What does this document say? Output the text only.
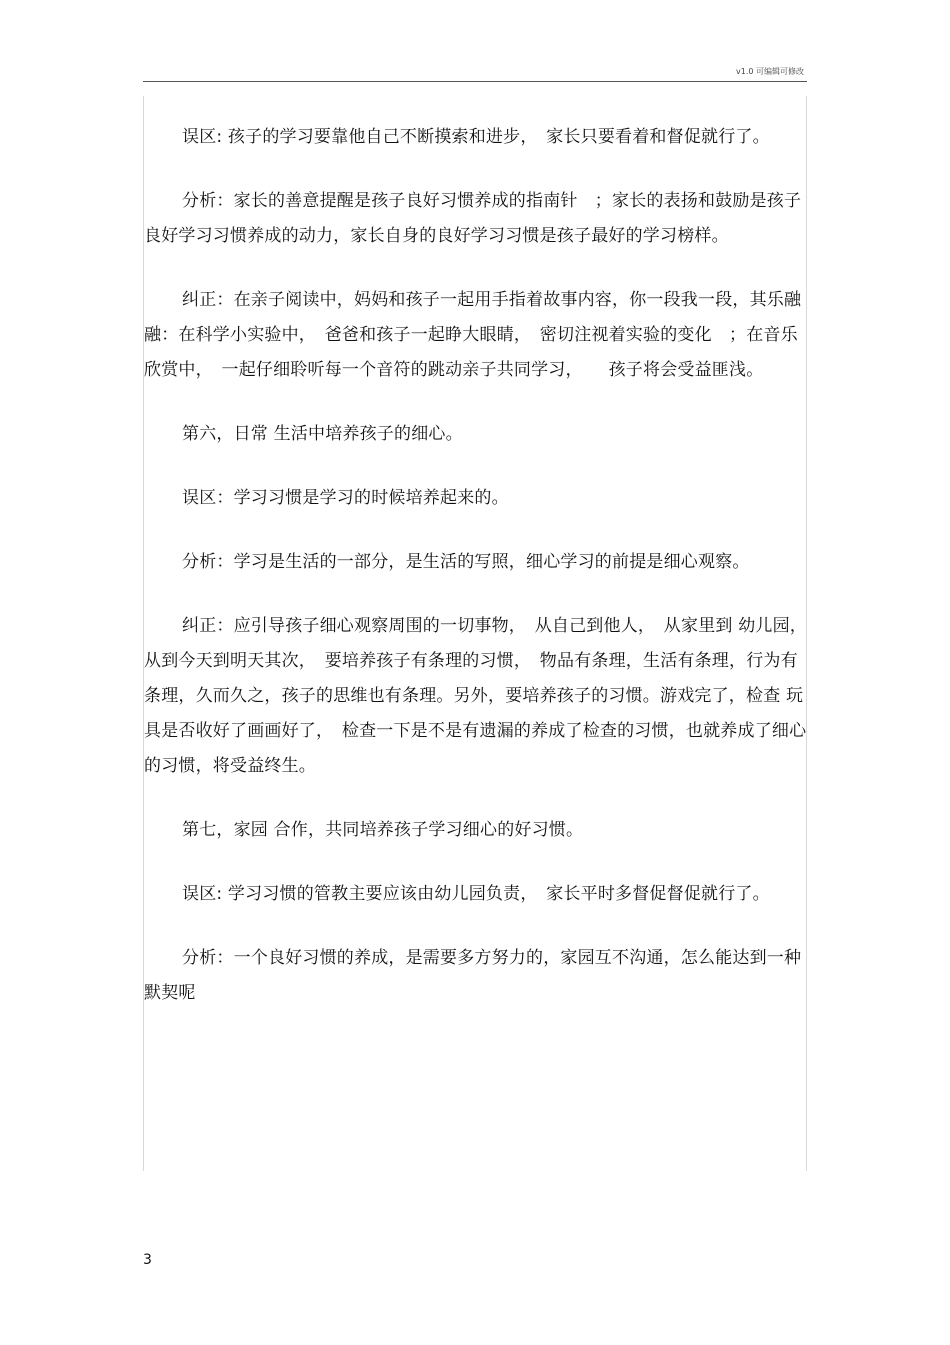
v1.0 可编辑可修改

误区: 孩子的学习要靠他自己不断摸索和进步，　家长只要看着和督促就行了。

分析：家长的善意提醒是孩子良好习惯养成的指南针　；家长的表扬和鼓励是孩子良好学习习惯养成的动力，家长自身的良好学习习惯是孩子最好的学习榜样。

纠正：在亲子阅读中，妈妈和孩子一起用手指着故事内容，你一段我一段，其乐融融：在科学小实验中，　爸爸和孩子一起睁大眼睛，　密切注视着实验的变化　；在音乐欣赏中，　一起仔细聆听每一个音符的跳动亲子共同学习，　　孩子将会受益匪浅。

第六，日常 生活中培养孩子的细心。

误区：学习习惯是学习的时候培养起来的。

分析：学习是生活的一部分，是生活的写照，细心学习的前提是细心观察。

纠正：应引导孩子细心观察周围的一切事物，　从自己到他人，　从家里到 幼儿园，从到今天到明天其次，　要培养孩子有条理的习惯，　物品有条理，生活有条理，行为有条理，久而久之，孩子的思维也有条理。另外，要培养孩子的习惯。游戏完了，检查 玩具是否收好了画画好了，　检查一下是不是有遗漏的养成了检查的习惯，也就养成了细心的习惯，将受益终生。

第七，家园 合作，共同培养孩子学习细心的好习惯。

误区: 学习习惯的管教主要应该由幼儿园负责，　家长平时多督促督促就行了。

分析：一个良好习惯的养成，是需要多方努力的，家园互不沟通，怎么能达到一种默契呢

3
